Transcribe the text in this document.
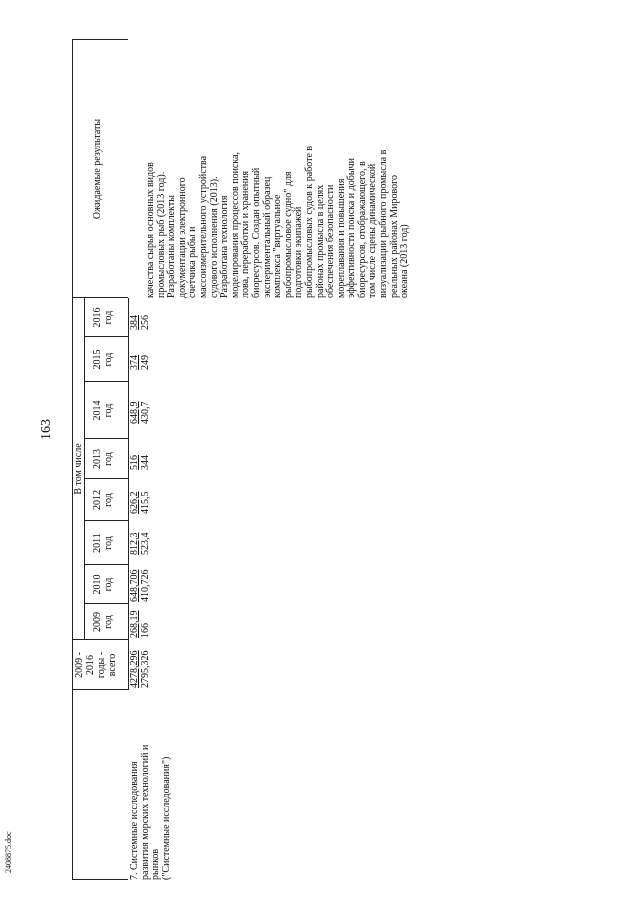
163
2408875.doc
2009 - 2016 годы - всего
В том числе
2009 год
2010 год
2011 год
2012 год
2013 год
2014 год
2015 год
2016 год
Ожидаемые результаты
7. Системные исследования развития морских технологий и рынков ("Системные исследования")
4278,296 2795,326
268,19 166
648,706 410,726
812,3 523,4
626,2 415,5
516 344
648,9 430,7
374 249
384 256
качества сырья основных видов промысловых рыб (2013 год). Разработаны комплекты документации электронного счетчика рыбы и массоизмерительного устройства судового исполнения (2013). Разработана технология моделирования процессов поиска, лова, переработки и хранения биоресурсов. Создан опытный экспериментальный образец комплекса "виртуальное рыбопромысловое судно" для подготовки экипажей рыбопромысловых судов к работе в районах промысла в целях обеспечения безопасности мореплавания и повышения эффективности поиска и добычи биоресурсов, отображающего, в том числе сцены динамической визуализации рыбного промысла в реальных районах Мирового океана (2013 год)
